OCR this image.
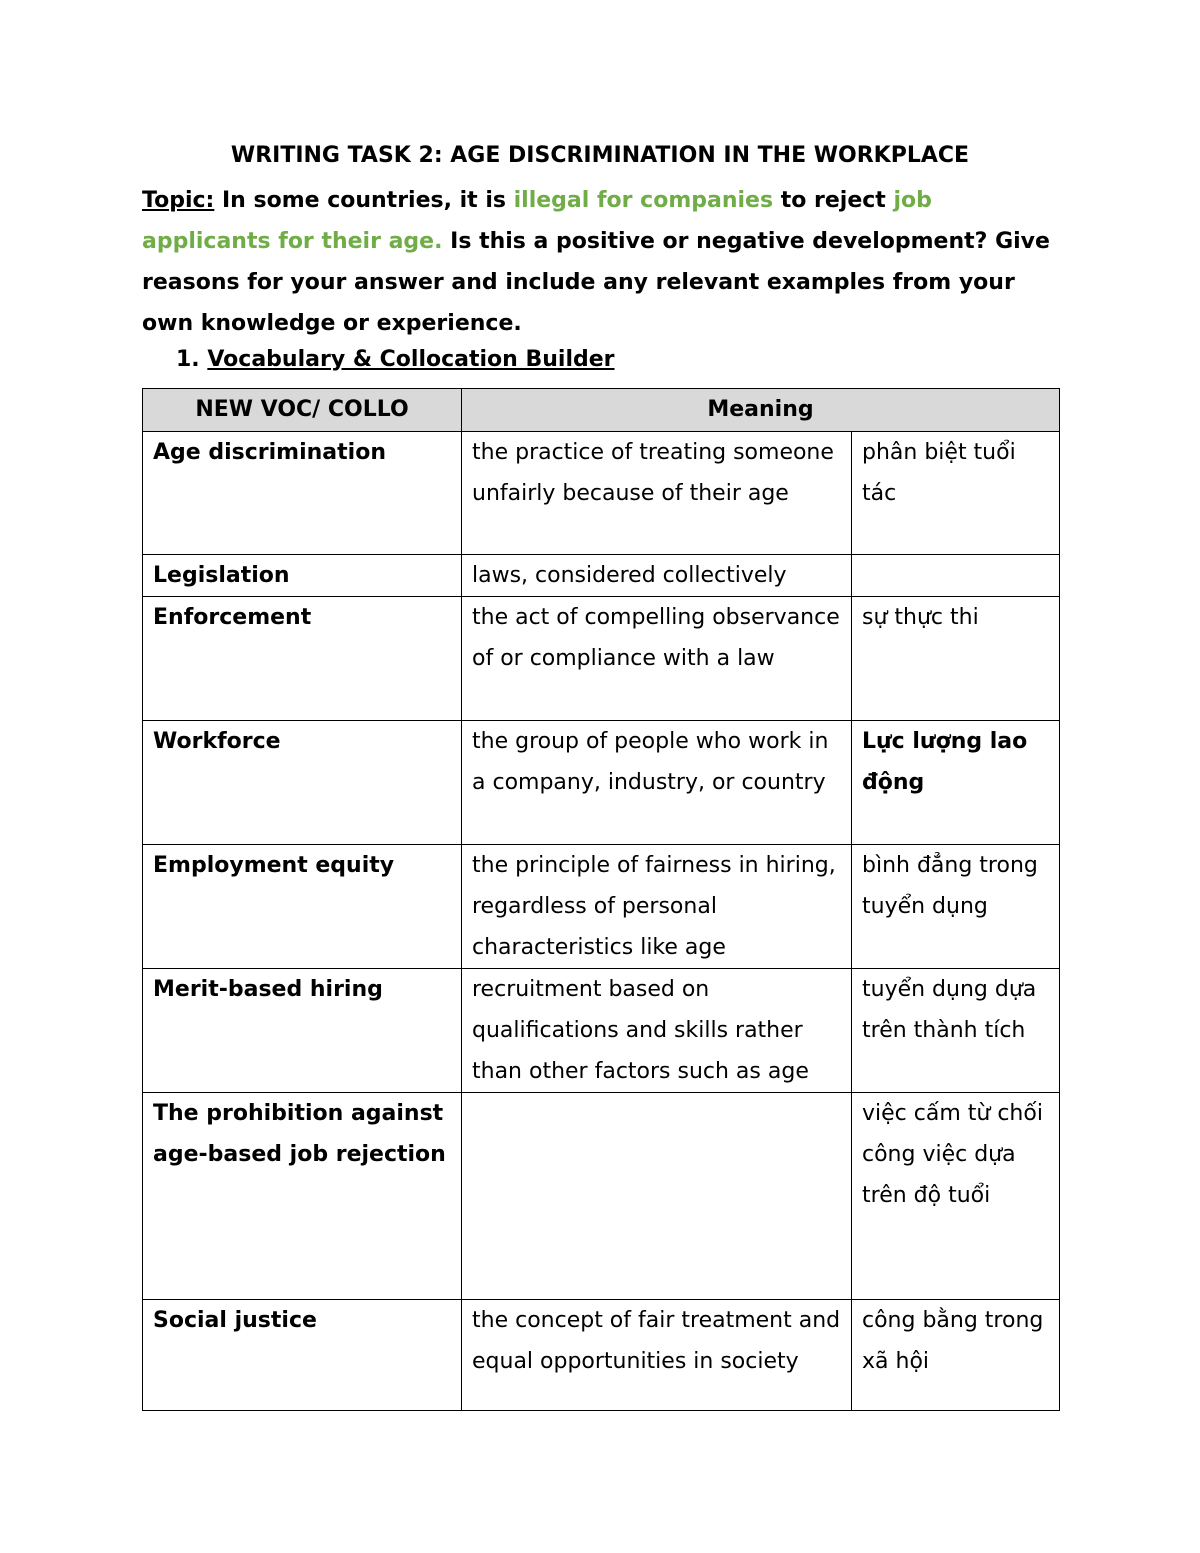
WRITING TASK 2: AGE DISCRIMINATION IN THE WORKPLACE
Topic: In some countries, it is illegal for companies to reject job applicants for their age. Is this a positive or negative development? Give reasons for your answer and include any relevant examples from your own knowledge or experience.
1. Vocabulary & Collocation Builder
NEW VOC/ COLLO	Meaning	
Age discrimination	the practice of treating someone unfairly because of their age	phân biệt tuổi tác
Legislation	laws, considered collectively	
Enforcement	the act of compelling observance of or compliance with a law	sự thực thi
Workforce	the group of people who work in a company, industry, or country	Lực lượng lao động
Employment equity	the principle of fairness in hiring, regardless of personal characteristics like age	bình đẳng trong tuyển dụng
Merit-based hiring	recruitment based on qualifications and skills rather than other factors such as age	tuyển dụng dựa trên thành tích
The prohibition against age-based job rejection		việc cấm từ chối công việc dựa trên độ tuổi
Social justice	the concept of fair treatment and equal opportunities in society	công bằng trong xã hội
